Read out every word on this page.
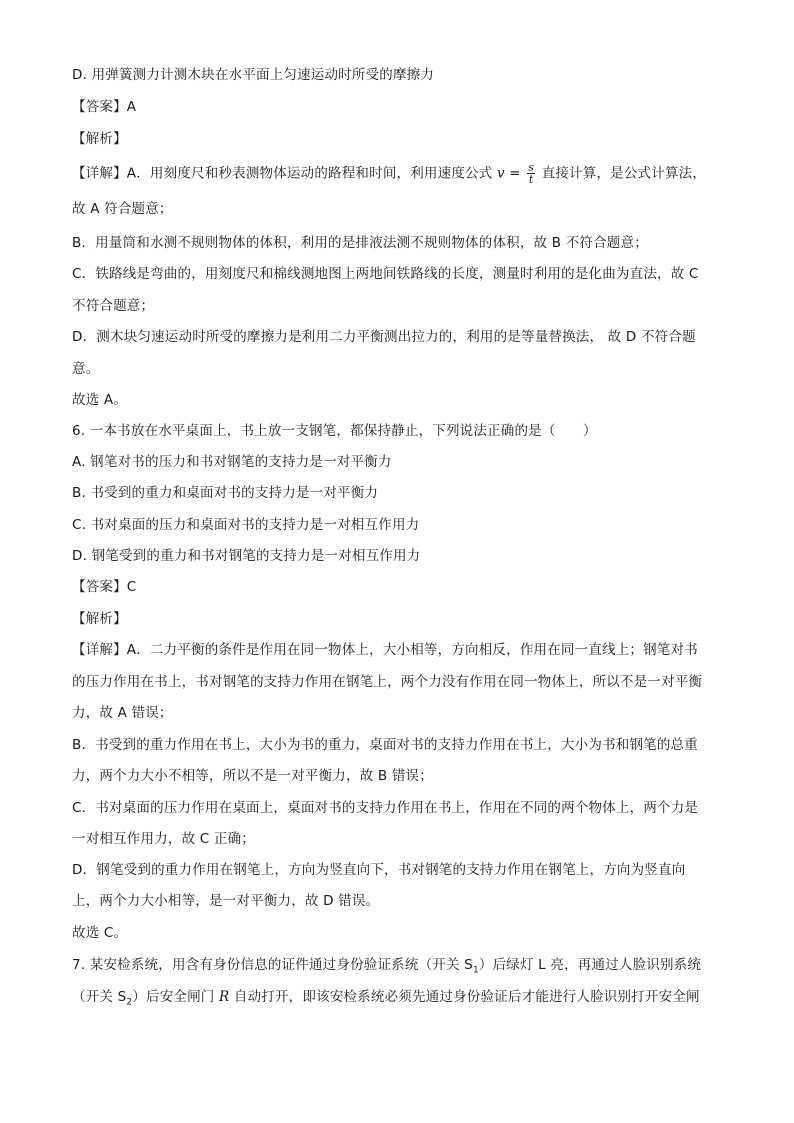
D. 用弹簧测力计测木块在水平面上匀速运动时所受的摩擦力
【答案】A
【解析】
【详解】A．用刻度尺和秒表测物体运动的路程和时间，利用速度公式 $v = \frac{s}{t}$ 直接计算，是公式计算法，
故 A 符合题意；
B．用量筒和水测不规则物体的体积，利用的是排液法测不规则物体的体积，故 B 不符合题意；
C．铁路线是弯曲的，用刻度尺和棉线测地图上两地间铁路线的长度，测量时利用的是化曲为直法，故 C
不符合题意；
D．测木块匀速运动时所受的摩擦力是利用二力平衡测出拉力的，利用的是等量替换法， 故 D 不符合题
意。
故选 A。
6. 一本书放在水平桌面上，书上放一支钢笔，都保持静止，下列说法正确的是（　　）
A. 钢笔对书的压力和书对钢笔的支持力是一对平衡力
B. 书受到的重力和桌面对书的支持力是一对平衡力
C. 书对桌面的压力和桌面对书的支持力是一对相互作用力
D. 钢笔受到的重力和书对钢笔的支持力是一对相互作用力
【答案】C
【解析】
【详解】A．二力平衡的条件是作用在同一物体上，大小相等，方向相反，作用在同一直线上；钢笔对书
的压力作用在书上，书对钢笔的支持力作用在钢笔上，两个力没有作用在同一物体上，所以不是一对平衡
力，故 A 错误；
B．书受到的重力作用在书上，大小为书的重力，桌面对书的支持力作用在书上，大小为书和钢笔的总重
力，两个力大小不相等，所以不是一对平衡力，故 B 错误；
C．书对桌面的压力作用在桌面上，桌面对书的支持力作用在书上，作用在不同的两个物体上，两个力是
一对相互作用力，故 C 正确；
D．钢笔受到的重力作用在钢笔上，方向为竖直向下，书对钢笔的支持力作用在钢笔上，方向为竖直向
上，两个力大小相等，是一对平衡力，故 D 错误。
故选 C。
7. 某安检系统，用含有身份信息的证件通过身份验证系统（开关 $S_1$）后绿灯 L 亮，再通过人脸识别系统
（开关 $S_2$）后安全闸门 R 自动打开，即该安检系统必须先通过身份验证后才能进行人脸识别打开安全闸
